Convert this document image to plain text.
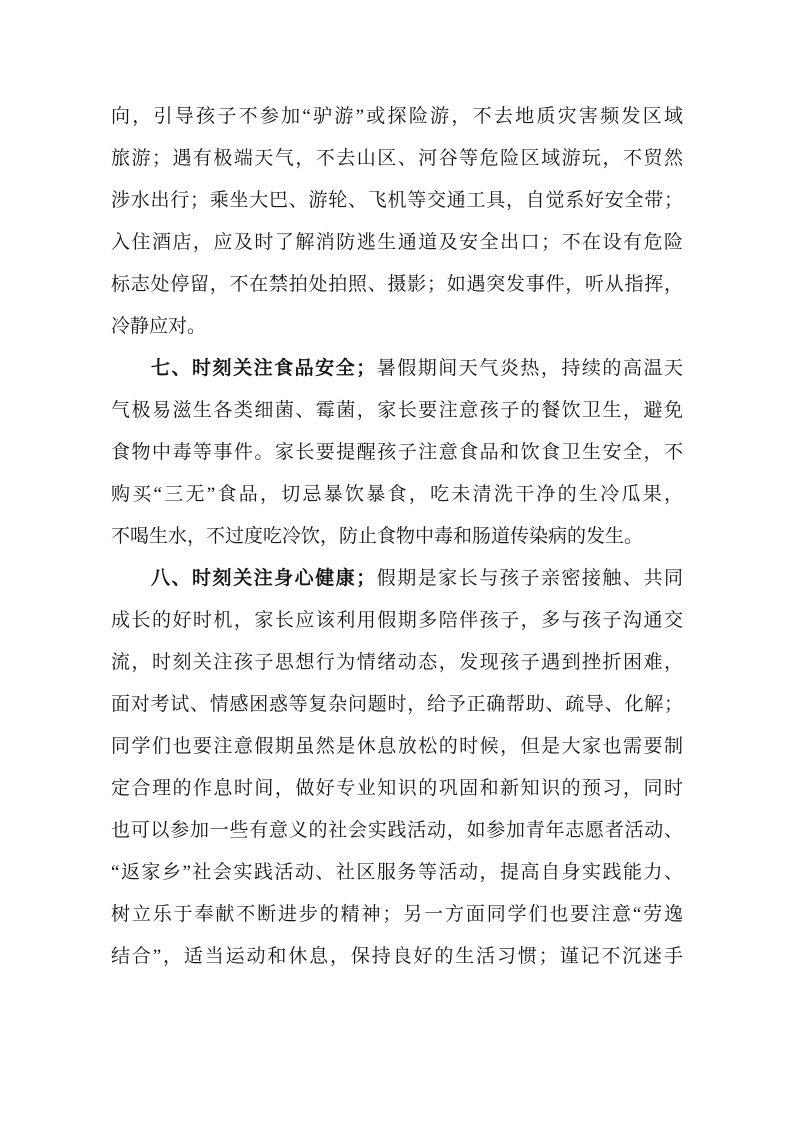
向，引导孩子不参加“驴游”或探险游，不去地质灾害频发区域
旅游；遇有极端天气，不去山区、河谷等危险区域游玩，不贸然
涉水出行；乘坐大巴、游轮、飞机等交通工具，自觉系好安全带；
入住酒店，应及时了解消防逃生通道及安全出口；不在设有危险
标志处停留，不在禁拍处拍照、摄影；如遇突发事件，听从指挥，
冷静应对。
七、时刻关注食品安全；暑假期间天气炎热，持续的高温天
气极易滋生各类细菌、霉菌，家长要注意孩子的餐饮卫生，避免
食物中毒等事件。家长要提醒孩子注意食品和饮食卫生安全，不
购买“三无”食品，切忌暴饮暴食，吃未清洗干净的生冷瓜果，
不喝生水，不过度吃冷饮，防止食物中毒和肠道传染病的发生。
八、时刻关注身心健康；假期是家长与孩子亲密接触、共同
成长的好时机，家长应该利用假期多陪伴孩子，多与孩子沟通交
流，时刻关注孩子思想行为情绪动态，发现孩子遇到挫折困难，
面对考试、情感困惑等复杂问题时，给予正确帮助、疏导、化解；
同学们也要注意假期虽然是休息放松的时候，但是大家也需要制
定合理的作息时间，做好专业知识的巩固和新知识的预习，同时
也可以参加一些有意义的社会实践活动，如参加青年志愿者活动、
“返家乡”社会实践活动、社区服务等活动，提高自身实践能力、
树立乐于奉献不断进步的精神；另一方面同学们也要注意“劳逸
结合”，适当运动和休息，保持良好的生活习惯；谨记不沉迷手
